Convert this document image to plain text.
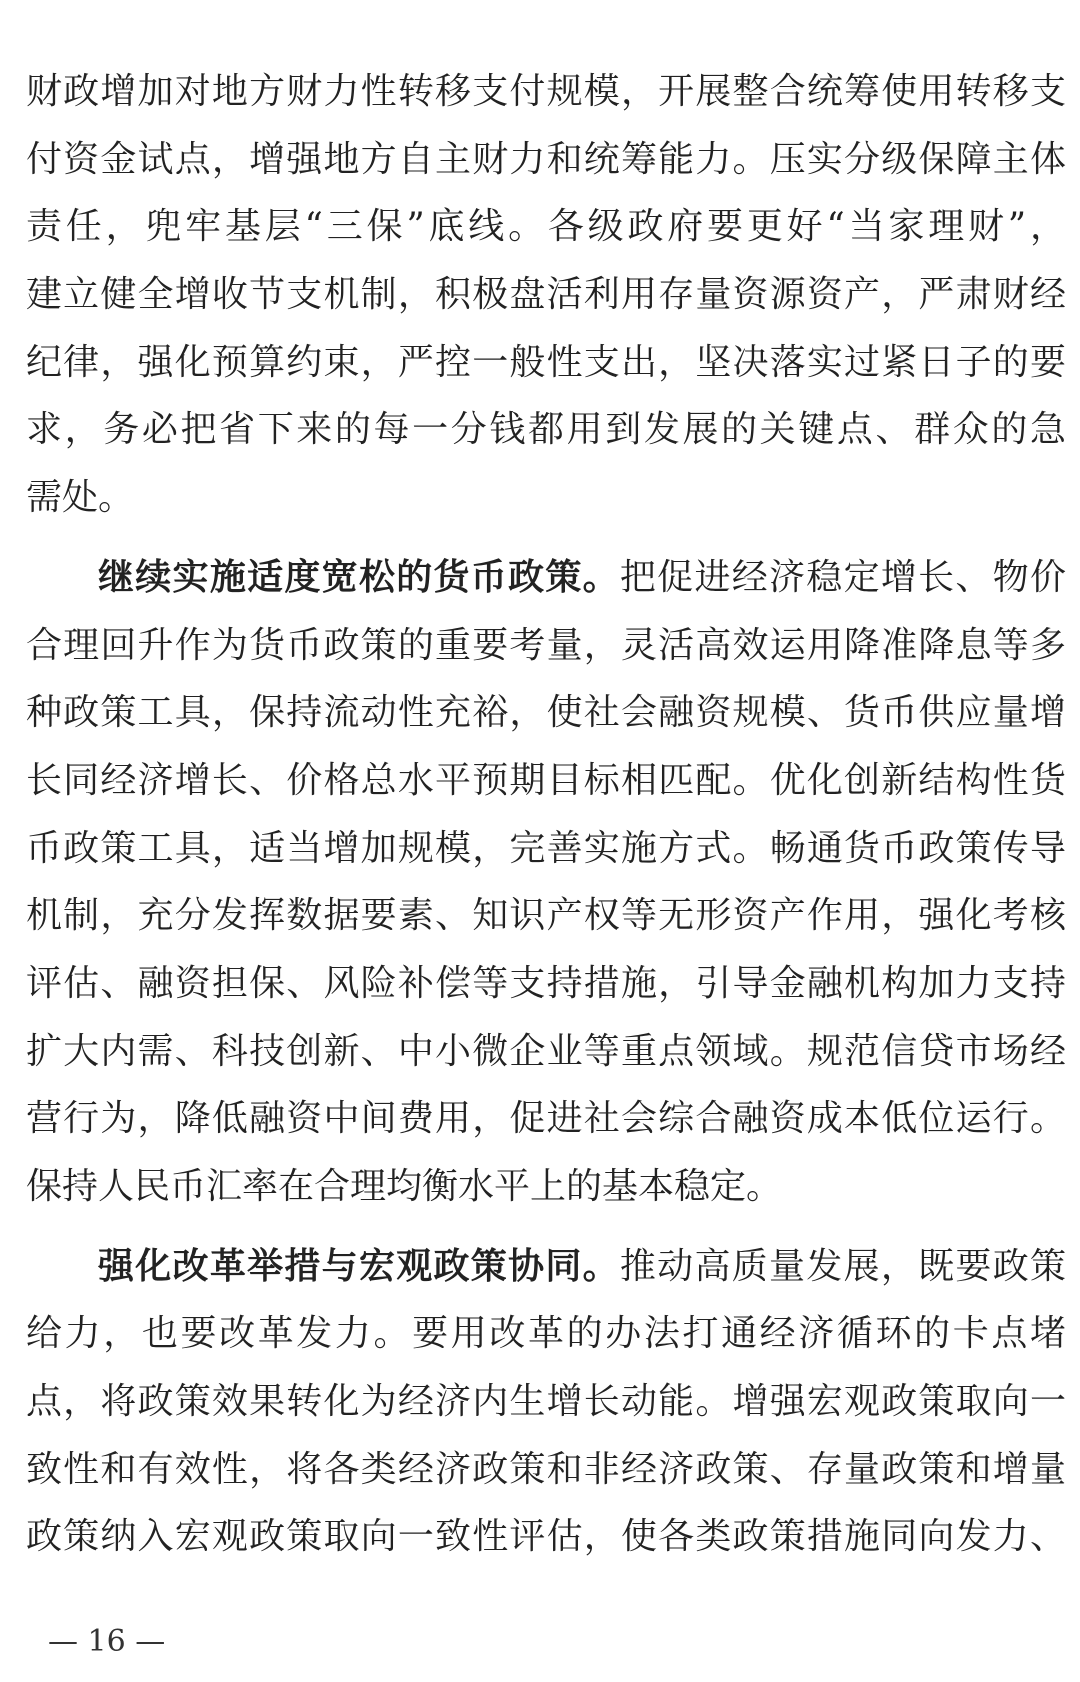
财政增加对地方财力性转移支付规模，开展整合统筹使用转移支
付资金试点，增强地方自主财力和统筹能力。压实分级保障主体
责任，兜牢基层“三保”底线。各级政府要更好“当家理财”，
建立健全增收节支机制，积极盘活利用存量资源资产，严肃财经
纪律，强化预算约束，严控一般性支出，坚决落实过紧日子的要
求，务必把省下来的每一分钱都用到发展的关键点、群众的急
需处。
继续实施适度宽松的货币政策。把促进经济稳定增长、物价
合理回升作为货币政策的重要考量，灵活高效运用降准降息等多
种政策工具，保持流动性充裕，使社会融资规模、货币供应量增
长同经济增长、价格总水平预期目标相匹配。优化创新结构性货
币政策工具，适当增加规模，完善实施方式。畅通货币政策传导
机制，充分发挥数据要素、知识产权等无形资产作用，强化考核
评估、融资担保、风险补偿等支持措施，引导金融机构加力支持
扩大内需、科技创新、中小微企业等重点领域。规范信贷市场经
营行为，降低融资中间费用，促进社会综合融资成本低位运行。
保持人民币汇率在合理均衡水平上的基本稳定。
强化改革举措与宏观政策协同。推动高质量发展，既要政策
给力，也要改革发力。要用改革的办法打通经济循环的卡点堵
点，将政策效果转化为经济内生增长动能。增强宏观政策取向一
致性和有效性，将各类经济政策和非经济政策、存量政策和增量
政策纳入宏观政策取向一致性评估，使各类政策措施同向发力、
— 16 —
